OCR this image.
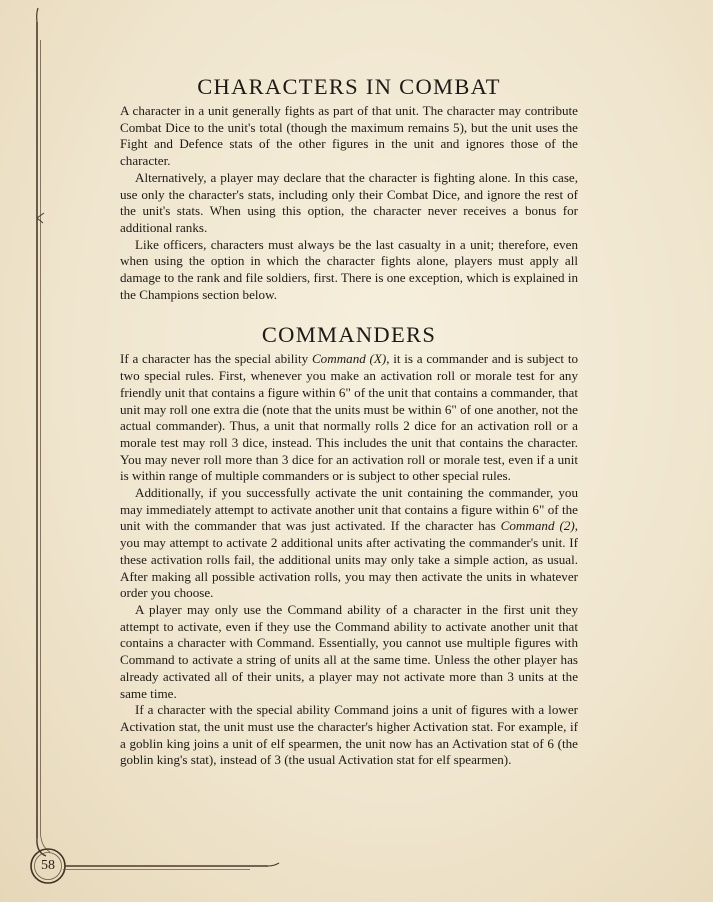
58
CHARACTERS IN COMBAT

A character in a unit generally fights as part of that unit. The character may contribute Combat Dice to the unit's total (though the maximum remains 5), but the unit uses the Fight and Defence stats of the other figures in the unit and ignores those of the character.

Alternatively, a player may declare that the character is fighting alone. In this case, use only the character's stats, including only their Combat Dice, and ignore the rest of the unit's stats. When using this option, the character never receives a bonus for additional ranks.

Like officers, characters must always be the last casualty in a unit; therefore, even when using the option in which the character fights alone, players must apply all damage to the rank and file soldiers, first. There is one exception, which is explained in the Champions section below.

COMMANDERS

If a character has the special ability Command (X), it is a commander and is subject to two special rules. First, whenever you make an activation roll or morale test for any friendly unit that contains a figure within 6" of the unit that contains a commander, that unit may roll one extra die (note that the units must be within 6" of one another, not the actual commander). Thus, a unit that normally rolls 2 dice for an activation roll or a morale test may roll 3 dice, instead. This includes the unit that contains the character. You may never roll more than 3 dice for an activation roll or morale test, even if a unit is within range of multiple commanders or is subject to other special rules.

Additionally, if you successfully activate the unit containing the commander, you may immediately attempt to activate another unit that contains a figure within 6" of the unit with the commander that was just activated. If the character has Command (2), you may attempt to activate 2 additional units after activating the commander's unit. If these activation rolls fail, the additional units may only take a simple action, as usual. After making all possible activation rolls, you may then activate the units in whatever order you choose.

A player may only use the Command ability of a character in the first unit they attempt to activate, even if they use the Command ability to activate another unit that contains a character with Command. Essentially, you cannot use multiple figures with Command to activate a string of units all at the same time. Unless the other player has already activated all of their units, a player may not activate more than 3 units at the same time.

If a character with the special ability Command joins a unit of figures with a lower Activation stat, the unit must use the character's higher Activation stat. For example, if a goblin king joins a unit of elf spearmen, the unit now has an Activation stat of 6 (the goblin king's stat), instead of 3 (the usual Activation stat for elf spearmen).
